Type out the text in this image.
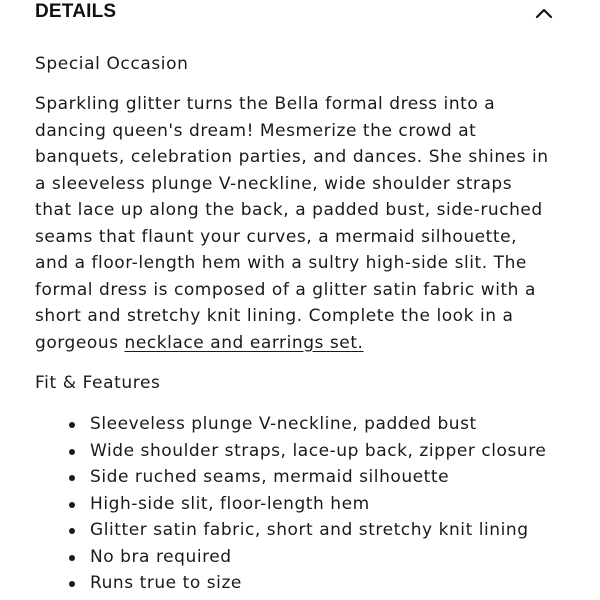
DETAILS
Special Occasion

Sparkling glitter turns the Bella formal dress into a
dancing queen's dream! Mesmerize the crowd at
banquets, celebration parties, and dances. She shines in
a sleeveless plunge V-neckline, wide shoulder straps
that lace up along the back, a padded bust, side-ruched
seams that flaunt your curves, a mermaid silhouette,
and a floor-length hem with a sultry high-side slit. The
formal dress is composed of a glitter satin fabric with a
short and stretchy knit lining. Complete the look in a
gorgeous necklace and earrings set.

Fit & Features
Sleeveless plunge V-neckline, padded bust
Wide shoulder straps, lace-up back, zipper closure
Side ruched seams, mermaid silhouette
High-side slit, floor-length hem
Glitter satin fabric, short and stretchy knit lining
No bra required
Runs true to size
